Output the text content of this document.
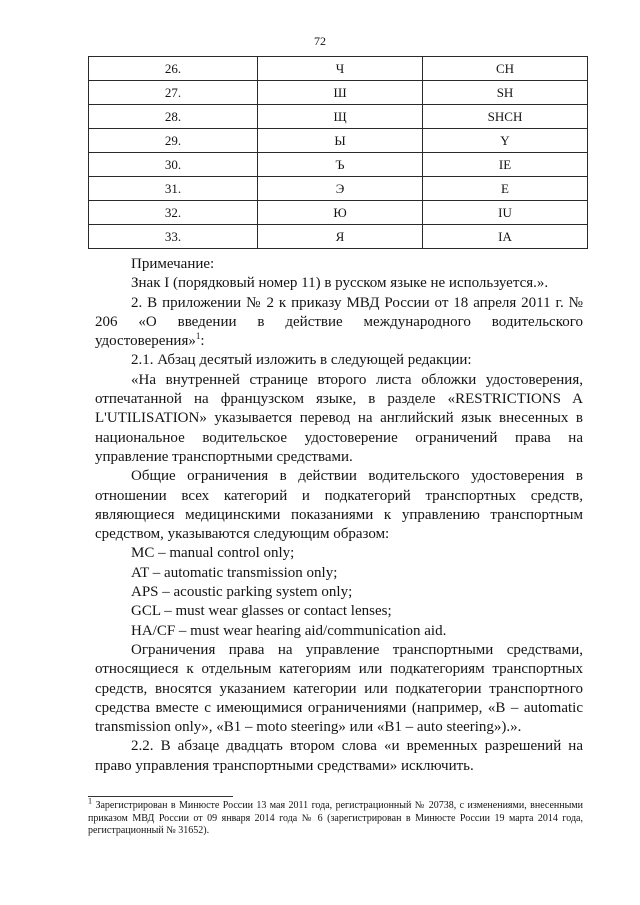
72
26.	Ч	CH
27.	Ш	SH
28.	Щ	SHCH
29.	Ы	Y
30.	Ъ	IE
31.	Э	E
32.	Ю	IU
33.	Я	IA

Примечание:

Знак I (порядковый номер 11) в русском языке не используется.».

2. В приложении № 2 к приказу МВД России от 18 апреля 2011 г. № 206 «О введении в действие международного водительского удостоверения»$^1$:

2.1. Абзац десятый изложить в следующей редакции:

«На внутренней странице второго листа обложки удостоверения, отпечатанной на французском языке, в разделе «RESTRICTIONS A L'UTILISATION» указывается перевод на английский язык внесенных в национальное водительское удостоверение ограничений права на управление транспортными средствами.

Общие ограничения в действии водительского удостоверения в отношении всех категорий и подкатегорий транспортных средств, являющиеся медицинскими показаниями к управлению транспортным средством, указываются следующим образом:

MC – manual control only;

AT – automatic transmission only;

APS – acoustic parking system only;

GCL – must wear glasses or contact lenses;

HA/CF – must wear hearing aid/communication aid.

Ограничения права на управление транспортными средствами, относящиеся к отдельным категориям или подкатегориям транспортных средств, вносятся указанием категории или подкатегории транспортного средства вместе с имеющимися ограничениями (например, «B – automatic transmission only», «B1 – moto steering» или «B1 – auto steering»).».

2.2. В абзаце двадцать втором слова «и временных разрешений на право управления транспортными средствами» исключить.

$^1$ Зарегистрирован в Минюсте России 13 мая 2011 года, регистрационный № 20738, с изменениями, внесенными приказом МВД России от 09 января 2014 года № 6 (зарегистрирован в Минюсте России 19 марта 2014 года, регистрационный № 31652).
